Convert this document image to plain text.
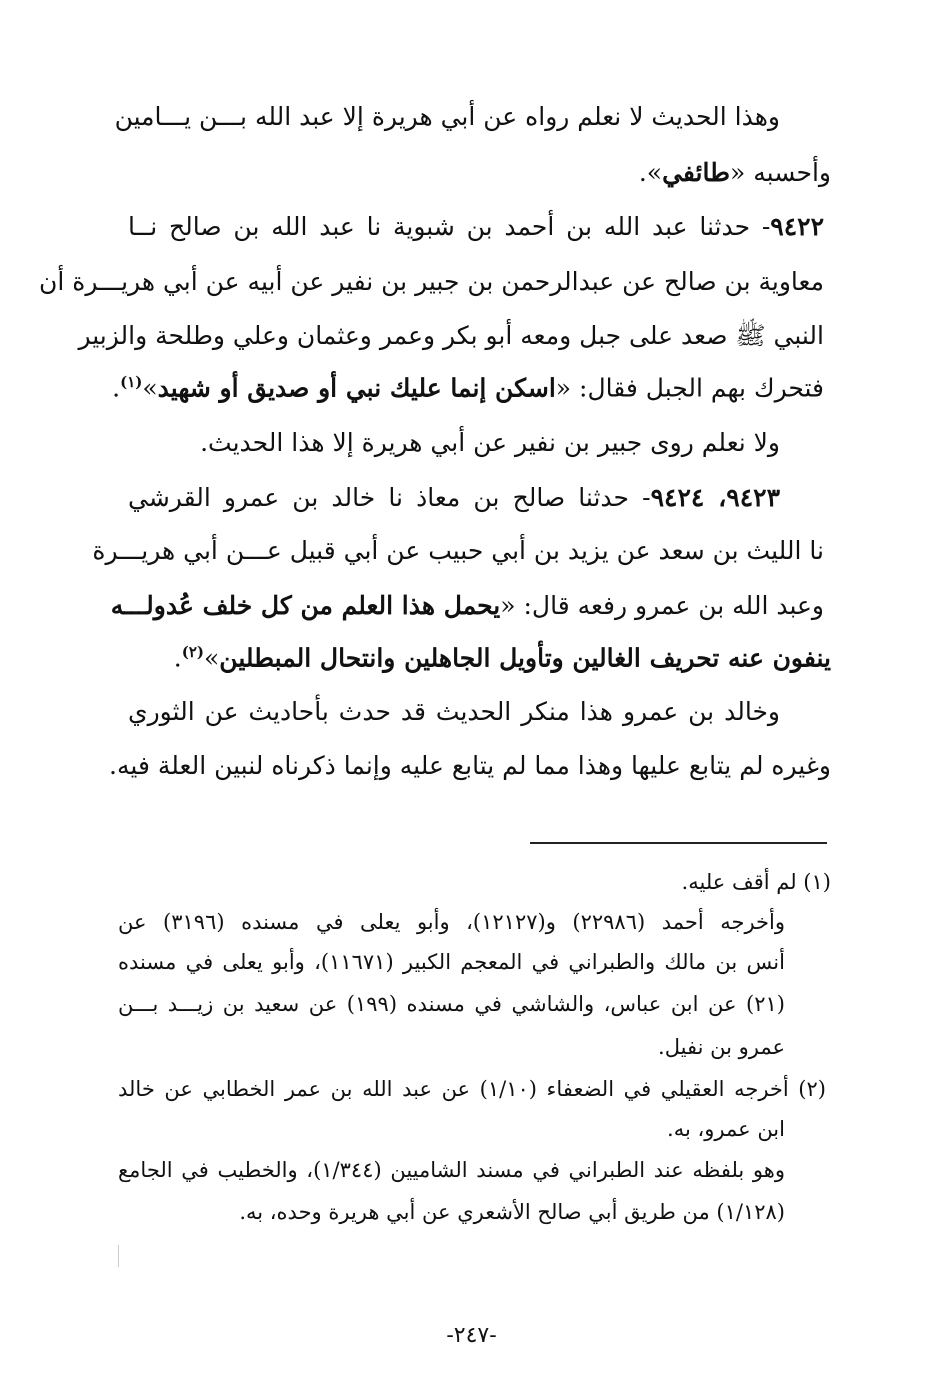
وهذا الحديث لا نعلم رواه عن أبي هريرة إلا عبد الله بـــن يـــامين
وأحسبه «طائفي».
٩٤٢٢- حدثنا عبد الله بن أحمد بن شبوية نا عبد الله بن صالح نــا
معاوية بن صالح عن عبدالرحمن بن جبير بن نفير عن أبيه عن أبي هريـــرة أن
النبي ﷺ صعد على جبل ومعه أبو بكر وعمر وعثمان وعلي وطلحة والزبير
فتحرك بهم الجبل فقال: «اسكن إنما عليك نبي أو صديق أو شهيد»$^{(١)}$.
ولا نعلم روى جبير بن نفير عن أبي هريرة إلا هذا الحديث.
٩٤٢٣، ٩٤٢٤- حدثنا صالح بن معاذ نا خالد بن عمرو القرشي
نا الليث بن سعد عن يزيد بن أبي حبيب عن أبي قبيل عـــن أبي هريـــرة
وعبد الله بن عمرو رفعه قال: «يحمل هذا العلم من كل خلف عُدولـــه
ينفون عنه تحريف الغالين وتأويل الجاهلين وانتحال المبطلين»$^{(٢)}$.
وخالد بن عمرو هذا منكر الحديث قد حدث بأحاديث عن الثوري
وغيره لم يتابع عليها وهذا مما لم يتابع عليه وإنما ذكرناه لنبين العلة فيه.
(١) لم أقف عليه.
وأخرجه أحمد (٢٢٩٨٦) و(١٢١٢٧)، وأبو يعلى في مسنده (٣١٩٦) عن
أنس بن مالك والطبراني في المعجم الكبير (١١٦٧١)، وأبو يعلى في مسنده
(٢١) عن ابن عباس، والشاشي في مسنده (١٩٩) عن سعيد بن زيـــد بـــن
عمرو بن نفيل.
(٢) أخرجه العقيلي في الضعفاء (١/١٠) عن عبد الله بن عمر الخطابي عن خالد
ابن عمرو، به.
وهو بلفظه عند الطبراني في مسند الشاميين (١/٣٤٤)، والخطيب في الجامع
(١/١٢٨) من طريق أبي صالح الأشعري عن أبي هريرة وحده، به.
-٢٤٧-
